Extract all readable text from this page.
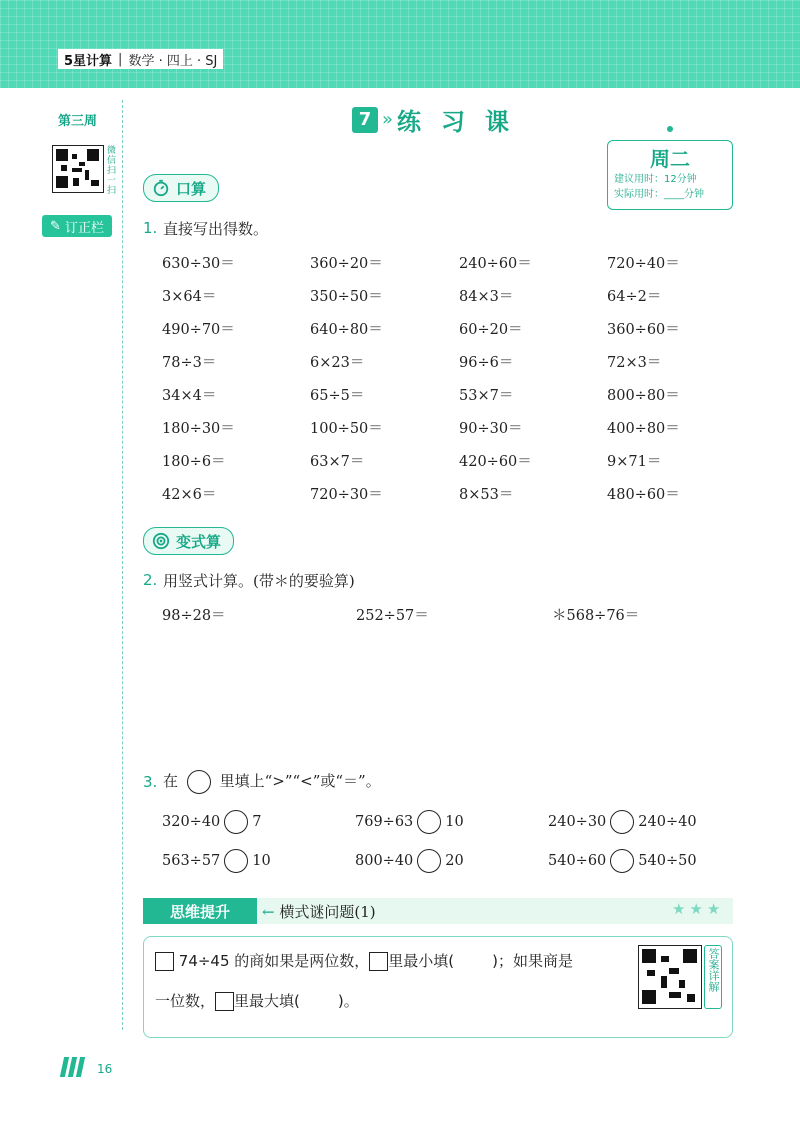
5星计算 | 数学 · 四上 · SJ
第三周
微信扫一扫
✎ 订正栏
7 » 练习课
周二
建议用时：12分钟
实际用时：____分钟
口算
1. 直接写出得数。
630÷30＝	360÷20＝	240÷60＝	720÷40＝
3×64＝	350÷50＝	84×3＝	64÷2＝
490÷70＝	640÷80＝	60÷20＝	360÷60＝
78÷3＝	6×23＝	96÷6＝	72×3＝
34×4＝	65÷5＝	53×7＝	800÷80＝
180÷30＝	100÷50＝	90÷30＝	400÷80＝
180÷6＝	63×7＝	420÷60＝	9×71＝
42×6＝	720÷30＝	8×53＝	480÷60＝
变式算
2. 用竖式计算。(带＊的要验算)
98÷28＝	252÷57＝	＊568÷76＝
3. 在	里填上“>”“<”或“＝”。
320÷40 7	769÷63 10	240÷30 240÷40
563÷57 10	800÷40 20	540÷60 540÷50
思维提升	← 横式谜问题(1)	★★★
74÷45 的商如果是两位数， 里最小填(	)；如果商是
一位数， 里最大填(	)。
答案详解
16
